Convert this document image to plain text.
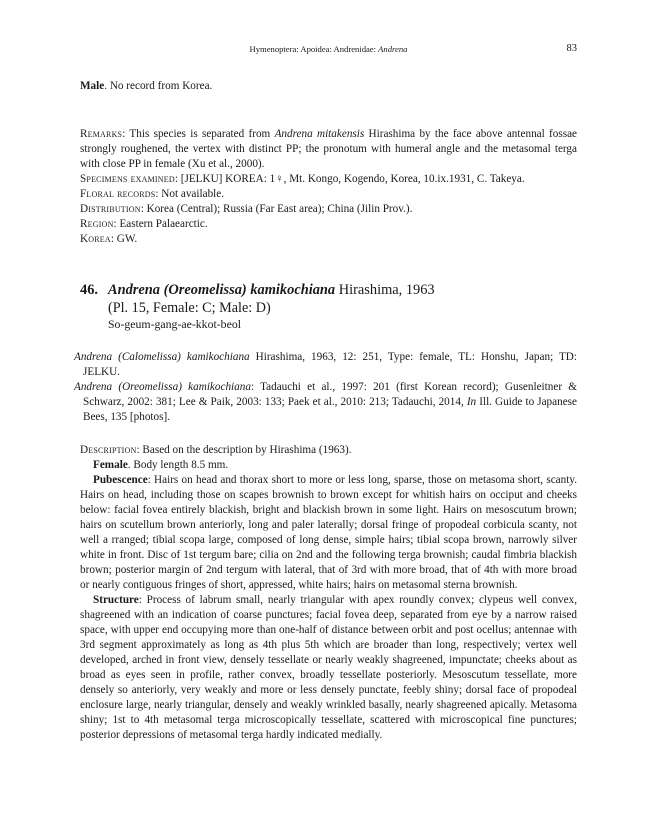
Hymenoptera: Apoidea: Andrenidae: Andrena	83

Male. No record from Korea.

Remarks: This species is separated from Andrena mitakensis Hirashima by the face above antennal fossae strongly roughened, the vertex with distinct PP; the pronotum with humeral angle and the metasomal terga with close PP in female (Xu et al., 2000).

Specimens examined: [JELKU] KOREA: 1♀, Mt. Kongo, Kogendo, Korea, 10.ix.1931, C. Takeya.

Floral records: Not available.

Distribution: Korea (Central); Russia (Far East area); China (Jilin Prov.).

Region: Eastern Palaearctic.

Korea: GW.

46. Andrena (Oreomelissa) kamikochiana Hirashima, 1963
(Pl. 15, Female: C; Male: D)
So-geum-gang-ae-kkot-beol

Andrena (Calomelissa) kamikochiana Hirashima, 1963, 12: 251, Type: female, TL: Honshu, Japan; TD: JELKU.

Andrena (Oreomelissa) kamikochiana: Tadauchi et al., 1997: 201 (first Korean record); Gusenleitner & Schwarz, 2002: 381; Lee & Paik, 2003: 133; Paek et al., 2010: 213; Tadauchi, 2014, In Ill. Guide to Japanese Bees, 135 [photos].

Description: Based on the description by Hirashima (1963).

Female. Body length 8.5 mm.

Pubescence: Hairs on head and thorax short to more or less long, sparse, those on metasoma short, scanty. Hairs on head, including those on scapes brownish to brown except for whitish hairs on occiput and cheeks below: facial fovea entirely blackish, bright and blackish brown in some light. Hairs on mesoscutum brown; hairs on scutellum brown anteriorly, long and paler laterally; dorsal fringe of propodeal corbicula scanty, not well a rranged; tibial scopa large, composed of long dense, simple hairs; tibial scopa brown, narrowly silver white in front. Disc of 1st tergum bare; cilia on 2nd and the following terga brownish; caudal fimbria blackish brown; posterior margin of 2nd tergum with lateral, that of 3rd with more broad, that of 4th with more broad or nearly contiguous fringes of short, appressed, white hairs; hairs on metasomal sterna brownish.

Structure: Process of labrum small, nearly triangular with apex roundly convex; clypeus well convex, shagreened with an indication of coarse punctures; facial fovea deep, separated from eye by a narrow raised space, with upper end occupying more than one-half of distance between orbit and post ocellus; antennae with 3rd segment approximately as long as 4th plus 5th which are broader than long, respectively; vertex well developed, arched in front view, densely tessellate or nearly weakly shagreened, impunctate; cheeks about as broad as eyes seen in profile, rather convex, broadly tessellate posteriorly. Mesoscutum tessellate, more densely so anteriorly, very weakly and more or less densely punctate, feebly shiny; dorsal face of propodeal enclosure large, nearly triangular, densely and weakly wrinkled basally, nearly shagreened apically. Metasoma shiny; 1st to 4th metasomal terga microscopically tessellate, scattered with microscopical fine punctures; posterior depressions of metasomal terga hardly indicated medially.
